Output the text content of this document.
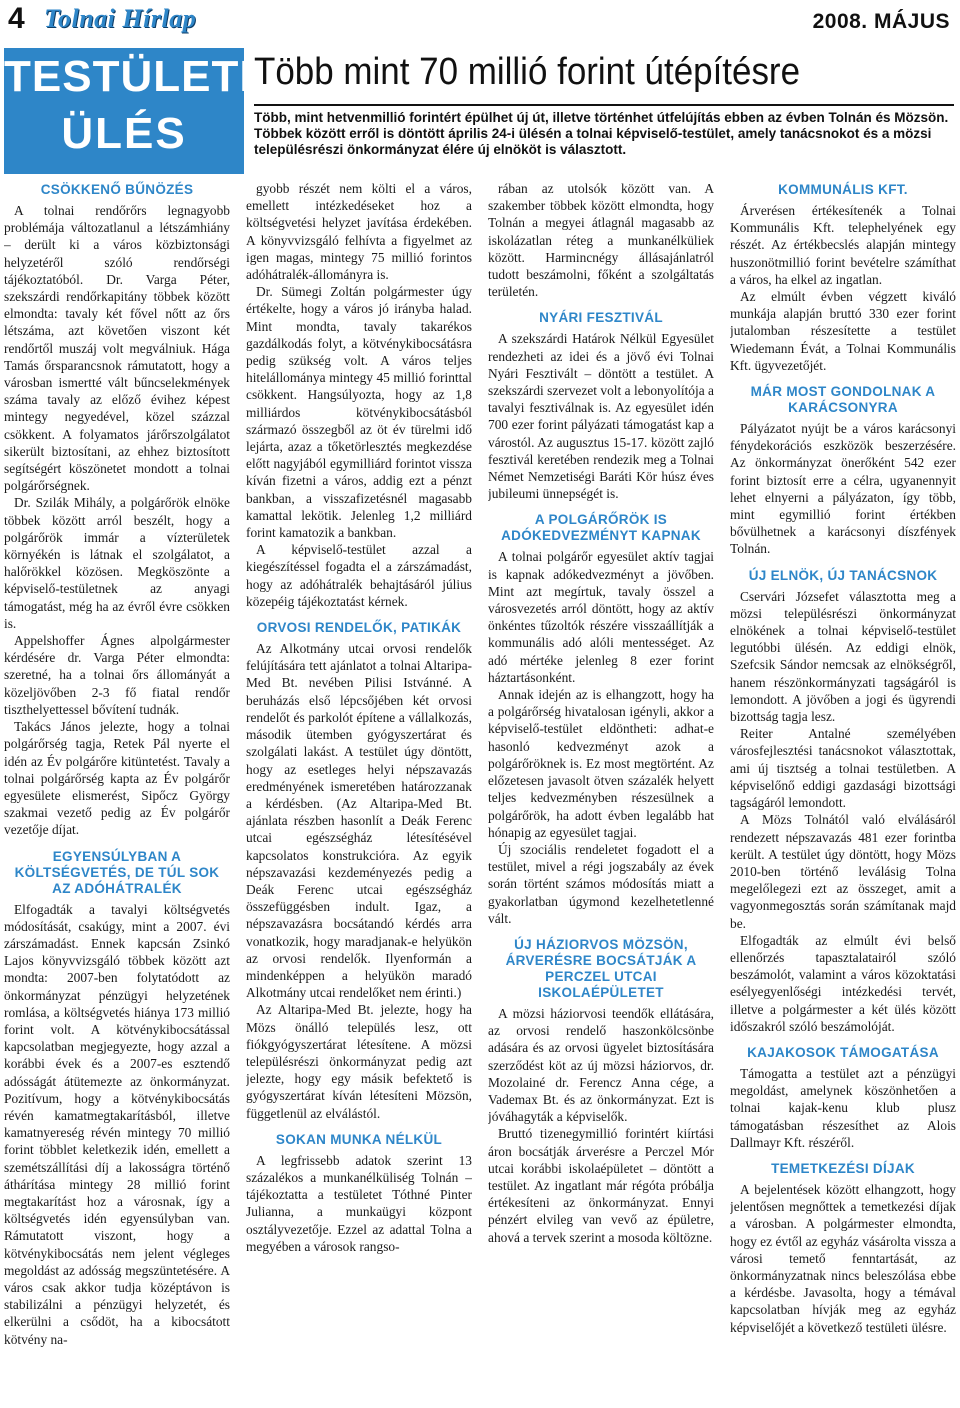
4 Tolnai Hírlap	2008. MÁJUS
TESTÜLETI
ÜLÉS
Több mint 70 millió forint útépítésre
Több, mint hetvenmillió forintért épülhet új út, illetve történhet útfelújítás ebben az évben Tolnán és Mözsön. Többek között erről is döntött április 24-i ülésén a tolnai képviselő-testület, amely tanácsnokot és a mözsi településrészi önkormányzat élére új elnököt is választott.
CSÖKKENŐ BŰNÖZÉS

A tolnai rendőrőrs legnagyobb problémája változatlanul a létszámhiány – derült ki a város közbiztonsági helyzetéről szóló rendőrségi tájékoztatóból. Dr. Varga Péter, szekszárdi rendőrkapitány többek között elmondta: tavaly két fővel nőtt az őrs létszáma, azt követően viszont két rendőrtől muszáj volt megválniuk. Hága Tamás őrsparancsnok rámutatott, hogy a városban ismertté vált bűncselekmények száma tavaly az előző évihez képest mintegy negyedével, közel százzal csökkent. A folyamatos járőrszolgálatot sikerült biztosítani, az ehhez biztosított segítségért köszönetet mondott a tolnai polgárőrségnek.

Dr. Szilák Mihály, a polgárőrök elnöke többek között arról beszélt, hogy a polgárőrök immár a vízterületek környékén is látnak el szolgálatot, a halőrökkel közösen. Megköszönte a képviselő-testületnek az anyagi támogatást, még ha az évről évre csökken is.

Appelshoffer Ágnes alpolgármester kérdésére dr. Varga Péter elmondta: szeretné, ha a tolnai őrs állományát a közeljövőben 2-3 fő fiatal rendőr tiszthelyettessel bővítení tudnák.

Takács János jelezte, hogy a tolnai polgárőrség tagja, Retek Pál nyerte el idén az Év polgárőre kitüntetést. Tavaly a tolnai polgárőrség kapta az Év polgárőr egyesülete elismerést, Sipőcz György szakmai vezető pedig az Év polgárőr vezetője díjat.

EGYENSÚLYBAN A KÖLTSÉGVETÉS, DE TÚL SOK AZ ADÓHÁTRALÉK

Elfogadták a tavalyi költségvetés módosítását, csakúgy, mint a 2007. évi zárszámadást. Ennek kapcsán Zsinkó Lajos könyvvizsgáló többek között azt mondta: 2007-ben folytatódott az önkormányzat pénzügyi helyzetének romlása, a költségvetés hiánya 173 millió forint volt. A kötvénykibocsátással kapcsolatban megjegyezte, hogy azzal a korábbi évek és a 2007-es esztendő adósságát átütemezte az önkormányzat. Pozitívum, hogy a kötvénykibocsátás révén kamatmegtakarításból, illetve kamatnyereség révén mintegy 70 millió forint többlet keletkezik idén, emellett a szemétszállítási díj a lakosságra történő áthárítása mintegy 28 millió forint megtakarítást hoz a városnak, így a költségvetés idén egyensúlyban van. Rámutatott viszont, hogy a kötvénykibocsátás nem jelent végleges megoldást az adósság megszüntetésére. A város csak akkor tudja középtávon is stabilizálni a pénzügyi helyzetét, és elkerülni a csődöt, ha a kibocsátott kötvény na-

gyobb részét nem költi el a város, emellett intézkedéseket hoz a költségvetési helyzet javítása érdekében. A könyvvizsgáló felhívta a figyelmet az igen magas, mintegy 75 millió forintos adóhátralék-állományra is.

Dr. Sümegi Zoltán polgármester úgy értékelte, hogy a város jó irányba halad. Mint mondta, tavaly takarékos gazdálkodás folyt, a kötvénykibocsátásra pedig szükség volt. A város teljes hitelállománya mintegy 45 millió forinttal csökkent. Hangsúlyozta, hogy az 1,8 milliárdos kötvénykibocsátásból származó összegből az öt év türelmi idő lejárta, azaz a tőketörlesztés megkezdése előtt nagyjából egymilliárd forintot vissza kíván fizetni a város, addig ezt a pénzt bankban, a visszafizetésnél magasabb kamattal lekötik. Jelenleg 1,2 milliárd forint kamatozik a bankban.

A képviselő-testület azzal a kiegészítéssel fogadta el a zárszámadást, hogy az adóhátralék behajtásáról július közepéig tájékoztatást kérnek.

ORVOSI RENDELŐK, PATIKÁK

Az Alkotmány utcai orvosi rendelők felújítására tett ajánlatot a tolnai Altaripa-Med Bt. nevében Pilisi Istvánné. A beruházás első lépcsőjében két orvosi rendelőt és parkolót építene a vállalkozás, második ütemben gyógyszertárat és szolgálati lakást. A testület úgy döntött, hogy az esetleges helyi népszavazás eredményének ismeretében határozzanak a kérdésben. (Az Altaripa-Med Bt. ajánlata részben hasonlít a Deák Ferenc utcai egészségház létesítésével kapcsolatos konstrukcióra. Az egyik népszavazási kezdeményezés pedig a Deák Ferenc utcai egészségház összefüggésben indult. Igaz, a népszavazásra bocsátandó kérdés arra vonatkozik, hogy maradjanak-e helyükön az orvosi rendelők. Ilyenformán a mindenképpen a helyükön maradó Alkotmány utcai rendelőket nem érinti.)

Az Altaripa-Med Bt. jelezte, hogy ha Mözs önálló település lesz, ott fiókgyógyszertárat létesítene. A mözsi településrészi önkormányzat pedig azt jelezte, hogy egy másik befektető is gyógyszertárat kíván létesíteni Mözsön, függetlenül az elválástól.

SOKAN MUNKA NÉLKÜL

A legfrissebb adatok szerint 13 százalékos a munkanélküliség Tolnán – tájékoztatta a testületet Tóthné Pinter Julianna, a munkaügyi központ osztályvezetője. Ezzel az adattal Tolna a megyében a városok rangso-

rában az utolsók között van. A szakember többek között elmondta, hogy Tolnán a megyei átlagnál magasabb az iskolázatlan réteg a munkanélküliek között. Harmincnégy állásajánlatról tudott beszámolni, főként a szolgáltatás területén.

NYÁRI FESZTIVÁL

A szekszárdi Határok Nélkül Egyesület rendezheti az idei és a jövő évi Tolnai Nyári Fesztivált – döntött a testület. A szekszárdi szervezet volt a lebonyolítója a tavalyi fesztiválnak is. Az egyesület idén 700 ezer forint pályázati támogatást kap a várostól. Az augusztus 15-17. között zajló fesztivál keretében rendezik meg a Tolnai Német Nemzetiségi Baráti Kör húsz éves jubileumi ünnepségét is.

A POLGÁRŐRÖK IS ADÓKEDVEZMÉNYT KAPNAK

A tolnai polgárőr egyesület aktív tagjai is kapnak adókedvezményt a jövőben. Mint azt megírtuk, tavaly összel a városvezetés arról döntött, hogy az aktív önkéntes tűzoltók részére visszaállítják a kommunális adó alóli mentességet. Az adó mértéke jelenleg 8 ezer forint háztartásonként.

Annak idején az is elhangzott, hogy ha a polgárőrség hivatalosan igényli, akkor a képviselő-testület eldöntheti: adhat-e hasonló kedvezményt azok a polgárőröknek is. Ez most megtörtént. Az előzetesen javasolt ötven százalék helyett teljes kedvezményben részesülnek a polgárőrök, ha adott évben legalább hat hónapig az egyesület tagjai.

Új szociális rendeletet fogadott el a testület, mivel a régi jogszabály az évek során történt számos módosítás miatt a gyakorlatban úgymond kezelhetetlenné vált.

ÚJ HÁZIORVOS MÖZSÖN, ÁRVERÉSRE BOCSÁTJÁK A PERCZEL UTCAI ISKOLAÉPÜLETET

A mözsi háziorvosi teendők ellátására, az orvosi rendelő haszonkölcsönbe adására és az orvosi ügyelet biztosítására szerződést köt az új mözsi háziorvos, dr. Mozolainé dr. Ferencz Anna cége, a Vademax Bt. és az önkormányzat. Ezt is jóváhagyták a képviselők.

Bruttó tizenegymillió forintért kiírtási áron bocsátják árverésre a Perczel Mór utcai korábbi iskolaépületet – döntött a testület. Az ingatlant már régóta próbálja értékesíteni az önkormányzat. Ennyi pénzért elvileg van vevő az épületre, ahová a tervek szerint a mosoda költözne.

KOMMUNÁLIS KFT.

Árverésen értékesítenék a Tolnai Kommunális Kft. telephelyének egy részét. Az értékbecslés alapján mintegy huszonötmillió forint bevételre számíthat a város, ha elkel az ingatlan.

Az elmúlt évben végzett kiváló munkája alapján bruttó 330 ezer forint jutalomban részesítette a testület Wiedemann Évát, a Tolnai Kommunális Kft. ügyvezetőjét.

MÁR MOST GONDOLNAK A KARÁCSONYRA

Pályázatot nyújt be a város karácsonyi fénydekorációs eszközök beszerzésére. Az önkormányzat önerőként 542 ezer forint biztosít erre a célra, ugyanennyit lehet elnyerni a pályázaton, így több, mint egymillió forint értékben bővülhetnek a karácsonyi díszfények Tolnán.

ÚJ ELNÖK, ÚJ TANÁCSNOK

Cservári Józsefet választotta meg a mözsi településrészi önkormányzat elnökének a tolnai képviselő-testület legutóbbi ülésén. Az eddigi elnök, Szefcsik Sándor nemcsak az elnökségről, hanem részönkormányzati tagságáról is lemondott. A jövőben a jogi és ügyrendi bizottság tagja lesz.

Reiter Antalné személyében városfejlesztési tanácsnokot választottak, ami új tisztség a tolnai testületben. A képviselőnő eddigi gazdasági bizottsági tagságáról lemondott.

A Mözs Tolnától való elválásáról rendezett népszavazás 481 ezer forintba került. A testület úgy döntött, hogy Mözs 2010-ben történő leválásig Tolna megelőlegezi ezt az összeget, amit a vagyonmegosztás során számítanak majd be.

Elfogadták az elmúlt évi belső ellenőrzés tapasztalatairól szóló beszámolót, valamint a város közoktatási esélyegyenlőségi intézkedési tervét, illetve a polgármester a két ülés között időszakról szóló beszámolóját.

KAJAKOSOK TÁMOGATÁSA

Támogatta a testület azt a pénzügyi megoldást, amelynek köszönhetően a tolnai kajak-kenu klub plusz támogatásban részesíthet az Alois Dallmayr Kft. részéről.

TEMETKEZÉSI DÍJAK

A bejelentések között elhangzott, hogy jelentősen megnőttek a temetkezési díjak a városban. A polgármester elmondta, hogy ez évtől az egyház vásárolta vissza a városi temető fenntartását, az önkormányzatnak nincs beleszólása ebbe a kérdésbe. Javasolta, hogy a témával kapcsolatban hívják meg az egyház képviselőjét a következő testületi ülésre.
